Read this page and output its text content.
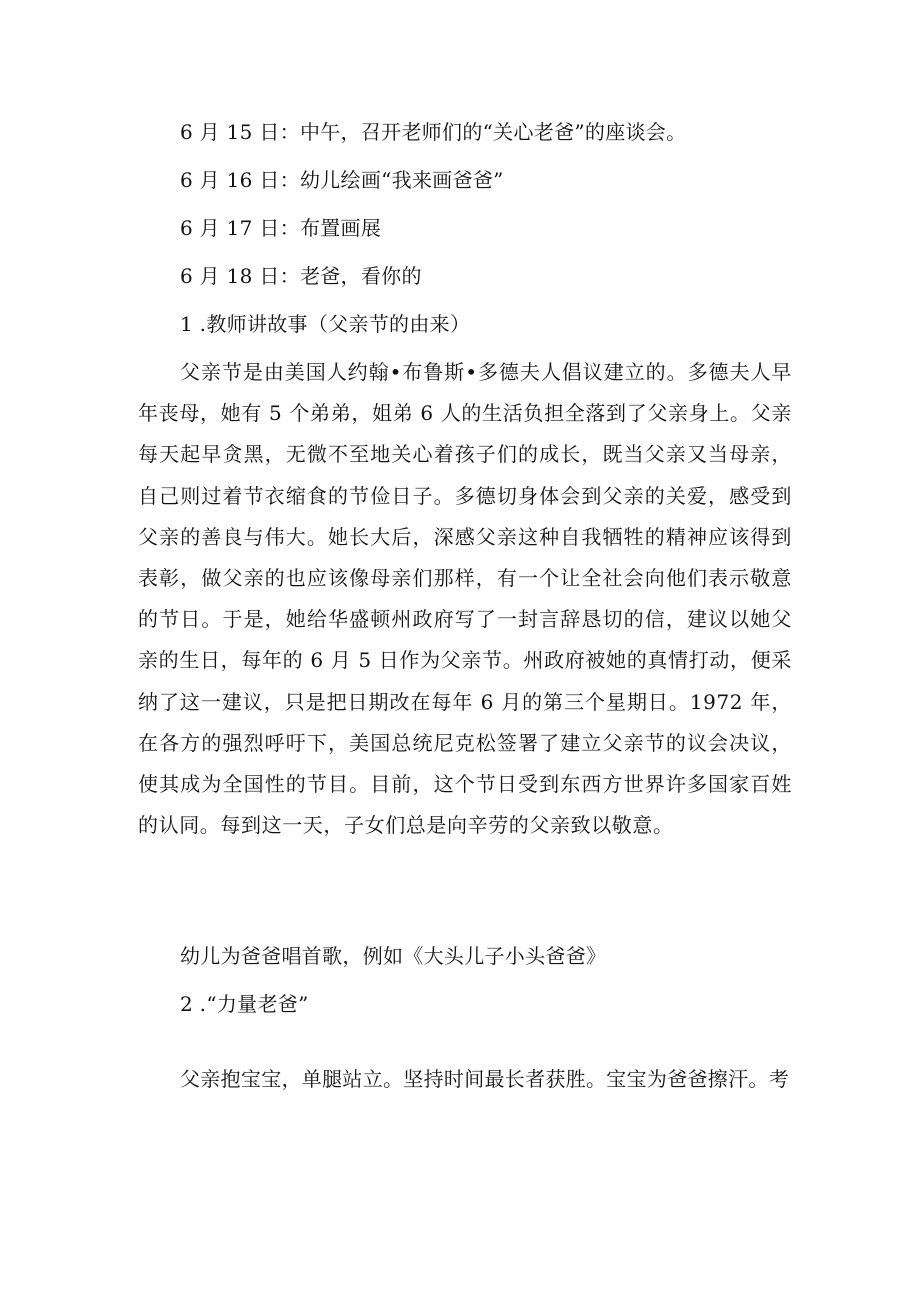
6 月 15 日：中午，召开老师们的“关心老爸”的座谈会。
6 月 16 日：幼儿绘画“我来画爸爸”
6 月 17 日：布置画展
6 月 18 日：老爸，看你的
1 .教师讲故事（父亲节的由来）
父亲节是由美国人约翰•布鲁斯•多德夫人倡议建立的。多德夫人早年丧母，她有 5 个弟弟，姐弟 6 人的生活负担全落到了父亲身上。父亲每天起早贪黑，无微不至地关心着孩子们的成长，既当父亲又当母亲，自己则过着节衣缩食的节俭日子。多德切身体会到父亲的关爱，感受到父亲的善良与伟大。她长大后，深感父亲这种自我牺牲的精神应该得到表彰，做父亲的也应该像母亲们那样，有一个让全社会向他们表示敬意的节日。于是，她给华盛顿州政府写了一封言辞恳切的信，建议以她父亲的生日，每年的 6 月 5 日作为父亲节。州政府被她的真情打动，便采纳了这一建议，只是把日期改在每年 6 月的第三个星期日。1972 年，在各方的强烈呼吁下，美国总统尼克松签署了建立父亲节的议会决议，使其成为全国性的节目。目前，这个节日受到东西方世界许多国家百姓的认同。每到这一天，子女们总是向辛劳的父亲致以敬意。
幼儿为爸爸唱首歌，例如《大头儿子小头爸爸》
2 .“力量老爸”
父亲抱宝宝，单腿站立。坚持时间最长者获胜。宝宝为爸爸擦汗。考
